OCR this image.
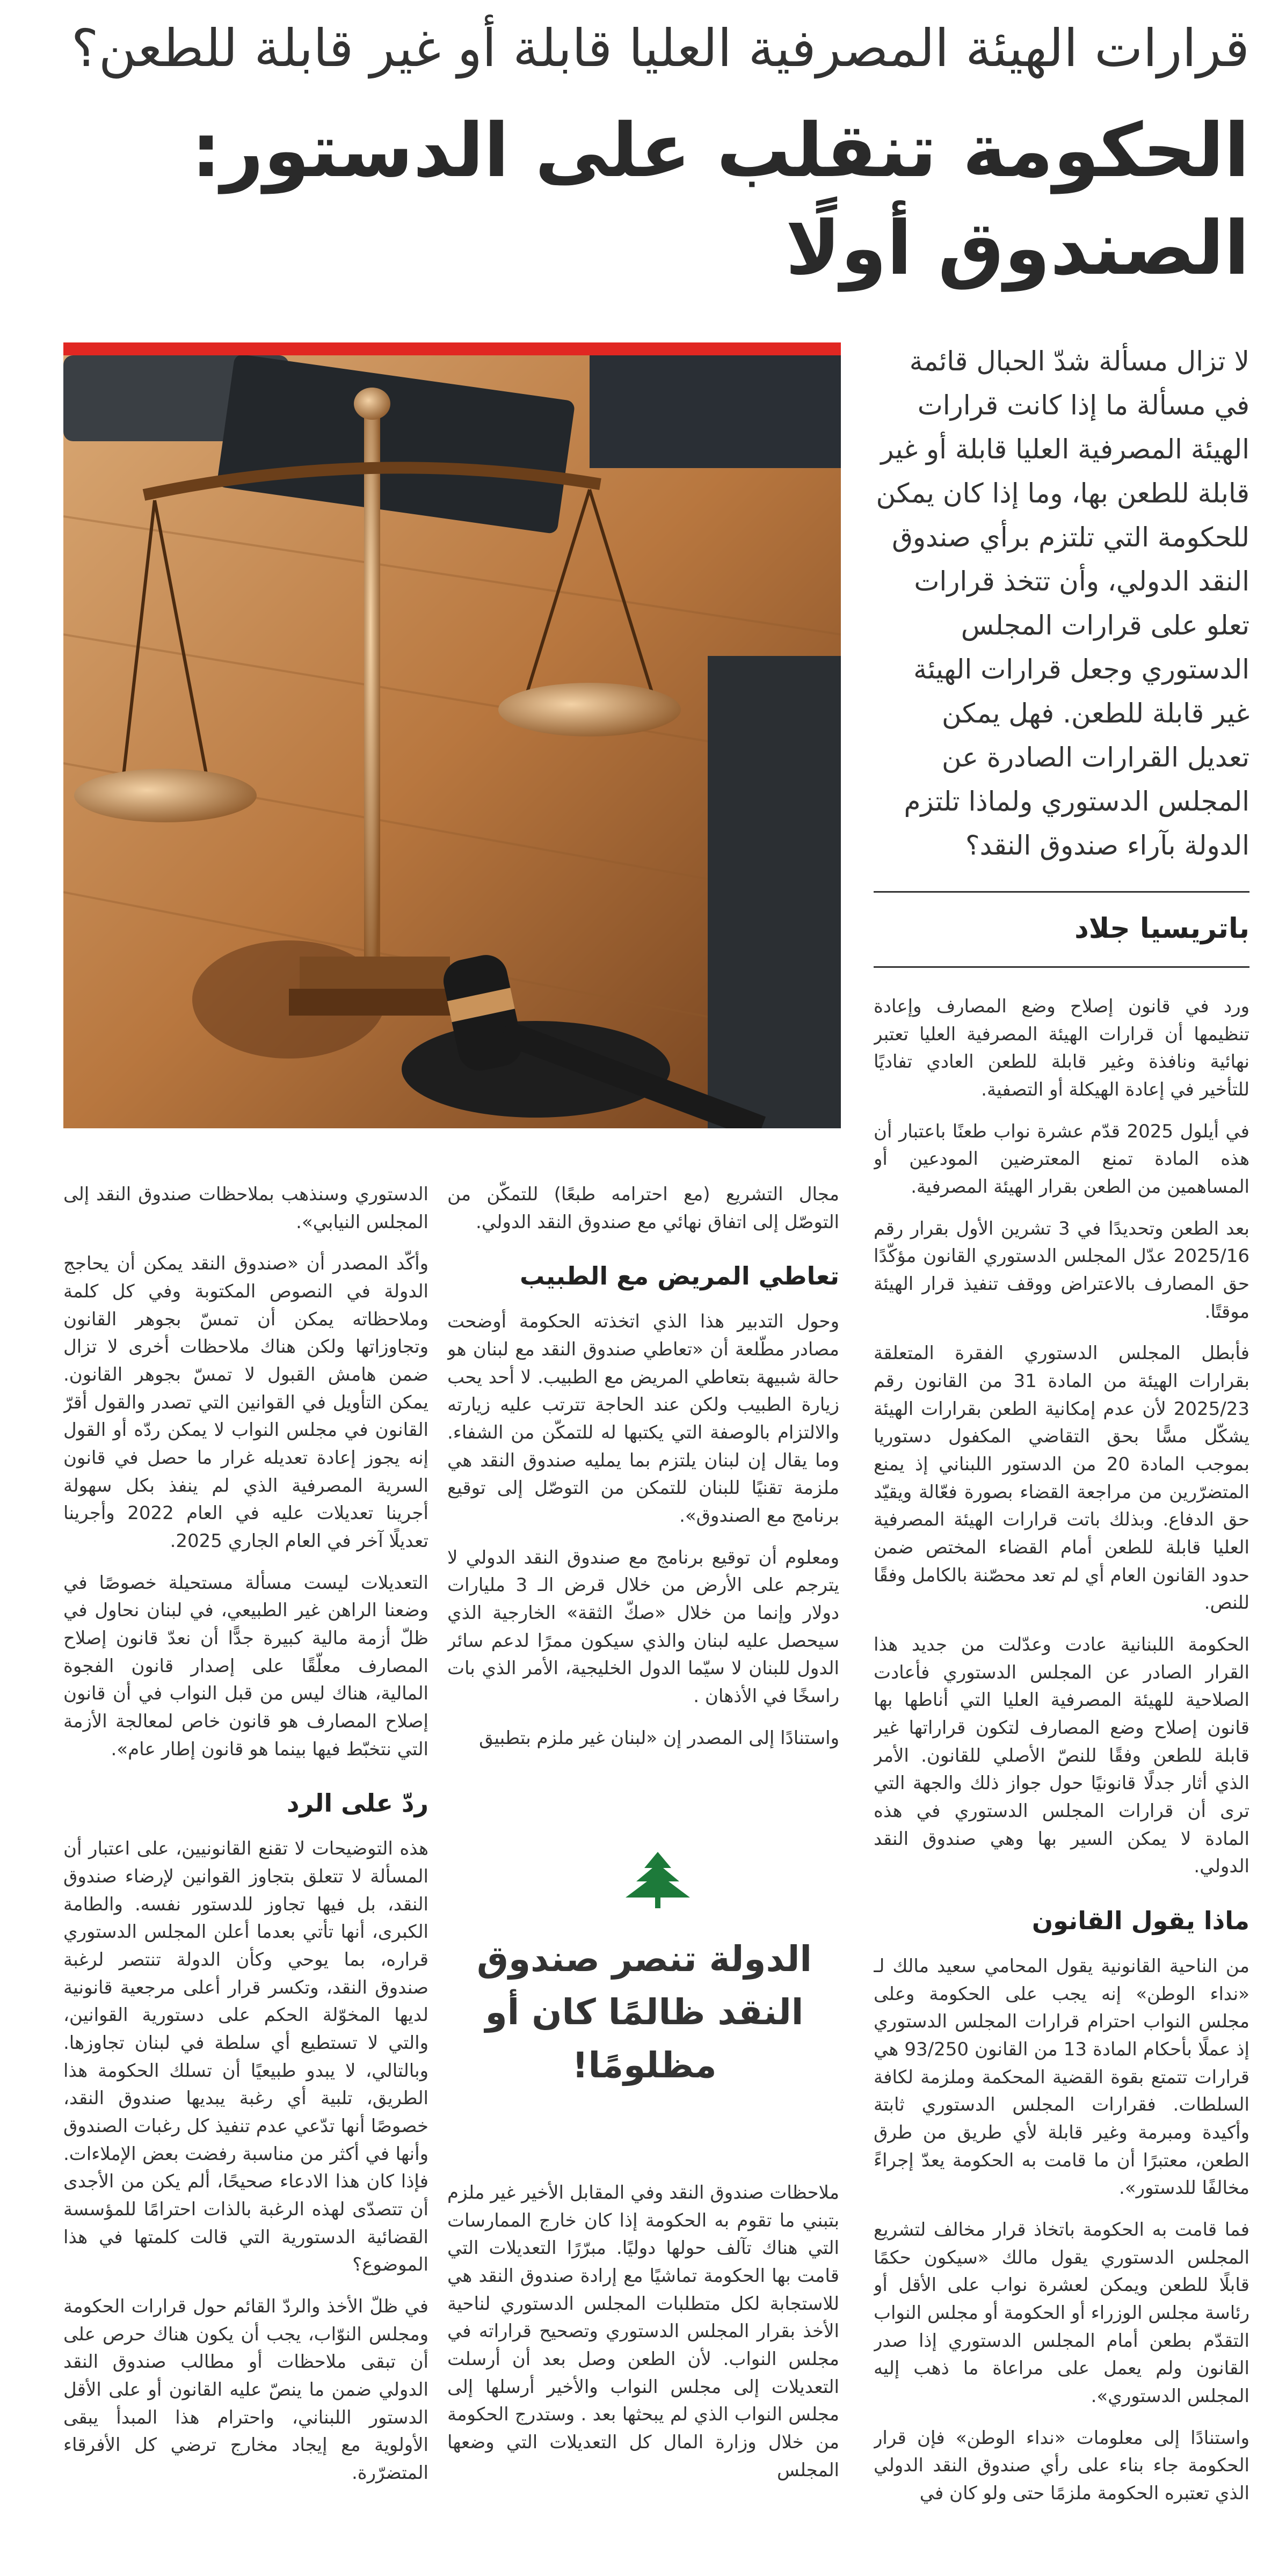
قرارات الهيئة المصرفية العليا قابلة أو غير قابلة للطعن؟
الحكومة تنقلب على الدستور:
الصندوق أولًا
لا تزال مسألة شدّ الحبال قائمة في مسألة ما إذا كانت قرارات الهيئة المصرفية العليا قابلة أو غير قابلة للطعن بها، وما إذا كان يمكن للحكومة التي تلتزم برأي صندوق النقد الدولي، وأن تتخذ قرارات تعلو على قرارات المجلس الدستوري وجعل قرارات الهيئة غير قابلة للطعن. فهل يمكن تعديل القرارات الصادرة عن المجلس الدستوري ولماذا تلتزم الدولة بآراء صندوق النقد؟
باتريسيا جلاد

ورد في قانون إصلاح وضع المصارف وإعادة تنظيمها أن قرارات الهيئة المصرفية العليا تعتبر نهائية ونافذة وغير قابلة للطعن العادي تفاديًا للتأخير في إعادة الهيكلة أو التصفية.

في أيلول 2025 قدّم عشرة نواب طعنًا باعتبار أن هذه المادة تمنع المعترضين المودعين أو المساهمين من الطعن بقرار الهيئة المصرفية.

بعد الطعن وتحديدًا في 3 تشرين الأول بقرار رقم 2025/16 عدّل المجلس الدستوري القانون مؤكّدًا حق المصارف بالاعتراض ووقف تنفيذ قرار الهيئة موقتًا.

فأبطل المجلس الدستوري الفقرة المتعلقة بقرارات الهيئة من المادة 31 من القانون رقم 2025/23 لأن عدم إمكانية الطعن بقرارات الهيئة يشكّل مسًّا بحق التقاضي المكفول دستوريا بموجب المادة 20 من الدستور اللبناني إذ يمنع المتضرّرين من مراجعة القضاء بصورة فعّالة ويقيّد حق الدفاع. وبذلك باتت قرارات الهيئة المصرفية العليا قابلة للطعن أمام القضاء المختص ضمن حدود القانون العام أي لم تعد محصّنة بالكامل وفقًا للنص.

الحكومة اللبنانية عادت وعدّلت من جديد هذا القرار الصادر عن المجلس الدستوري فأعادت الصلاحية للهيئة المصرفية العليا التي أناطها بها قانون إصلاح وضع المصارف لتكون قراراتها غير قابلة للطعن وفقًا للنصّ الأصلي للقانون. الأمر الذي أثار جدلًا قانونيًا حول جواز ذلك والجهة التي ترى أن قرارات المجلس الدستوري في هذه المادة لا يمكن السير بها وهي صندوق النقد الدولي.

ماذا يقول القانون

من الناحية القانونية يقول المحامي سعيد مالك لـ «نداء الوطن» إنه يجب على الحكومة وعلى مجلس النواب احترام قرارات المجلس الدستوري إذ عملًا بأحكام المادة 13 من القانون 93/250 هي قرارات تتمتع بقوة القضية المحكمة وملزمة لكافة السلطات. فقرارات المجلس الدستوري ثابتة وأكيدة ومبرمة وغير قابلة لأي طريق من طرق الطعن، معتبرًا أن ما قامت به الحكومة يعدّ إجراءً مخالفًا للدستور».

فما قامت به الحكومة باتخاذ قرار مخالف لتشريع المجلس الدستوري يقول مالك «سيكون حكمًا قابلًا للطعن ويمكن لعشرة نواب على الأقل أو رئاسة مجلس الوزراء أو الحكومة أو مجلس النواب التقدّم بطعن أمام المجلس الدستوري إذا صدر القانون ولم يعمل على مراعاة ما ذهب إليه المجلس الدستوري».

واستنادًا إلى معلومات «نداء الوطن» فإن قرار الحكومة جاء بناء على رأي صندوق النقد الدولي الذي تعتبره الحكومة ملزمًا حتى ولو كان في

مجال التشريع (مع احترامه طبعًا) للتمكّن من التوصّل إلى اتفاق نهائي مع صندوق النقد الدولي.

تعاطي المريض مع الطبيب

وحول التدبير هذا الذي اتخذته الحكومة أوضحت مصادر مطّلعة أن «تعاطي صندوق النقد مع لبنان هو حالة شبيهة بتعاطي المريض مع الطبيب. لا أحد يحب زيارة الطبيب ولكن عند الحاجة تترتب عليه زيارته والالتزام بالوصفة التي يكتبها له للتمكّن من الشفاء. وما يقال إن لبنان يلتزم بما يمليه صندوق النقد هي ملزمة تقنيًا للبنان للتمكن من التوصّل إلى توقيع برنامج مع الصندوق».

ومعلوم أن توقيع برنامج مع صندوق النقد الدولي لا يترجم على الأرض من خلال قرض الـ 3 مليارات دولار وإنما من خلال «صكّ الثقة» الخارجية الذي سيحصل عليه لبنان والذي سيكون ممرًا لدعم سائر الدول للبنان لا سيّما الدول الخليجية، الأمر الذي بات راسخًا في الأذهان .

واستنادًا إلى المصدر إن «لبنان غير ملزم بتطبيق

الدولة تنصر صندوق النقد ظالمًا كان أو مظلومًا!

ملاحظات صندوق النقد وفي المقابل الأخير غير ملزم بتبني ما تقوم به الحكومة إذا كان خارج الممارسات التي هناك تآلف حولها دوليًا. مبرّرًا التعديلات التي قامت بها الحكومة تماشيًا مع إرادة صندوق النقد هي للاستجابة لكل متطلبات المجلس الدستوري لناحية الأخذ بقرار المجلس الدستوري وتصحيح قراراته في مجلس النواب. لأن الطعن وصل بعد أن أرسلت التعديلات إلى مجلس النواب والأخير أرسلها إلى مجلس النواب الذي لم يبحثها بعد . وستدرج الحكومة من خلال وزارة المال كل التعديلات التي وضعها المجلس

الدستوري وسنذهب بملاحظات صندوق النقد إلى المجلس النيابي».

وأكّد المصدر أن «صندوق النقد يمكن أن يحاجج الدولة في النصوص المكتوبة وفي كل كلمة وملاحظاته يمكن أن تمسّ بجوهر القانون وتجاوزاتها ولكن هناك ملاحظات أخرى لا تزال ضمن هامش القبول لا تمسّ بجوهر القانون. يمكن التأويل في القوانين التي تصدر والقول أقرّ القانون في مجلس النواب لا يمكن ردّه أو القول إنه يجوز إعادة تعديله غرار ما حصل في قانون السرية المصرفية الذي لم ينفذ بكل سهولة أجرينا تعديلات عليه في العام 2022 وأجرينا تعديلًا آخر في العام الجاري 2025.

التعديلات ليست مسألة مستحيلة خصوصًا في وضعنا الراهن غير الطبيعي، في لبنان نحاول في ظلّ أزمة مالية كبيرة جدًّا أن نعدّ قانون إصلاح المصارف معلّقًا على إصدار قانون الفجوة المالية، هناك ليس من قبل النواب في أن قانون إصلاح المصارف هو قانون خاص لمعالجة الأزمة التي نتخبّط فيها بينما هو قانون إطار عام».

ردّ على الرد

هذه التوضيحات لا تقنع القانونيين، على اعتبار أن المسألة لا تتعلق بتجاوز القوانين لإرضاء صندوق النقد، بل فيها تجاوز للدستور نفسه. والطامة الكبرى، أنها تأتي بعدما أعلن المجلس الدستوري قراره، بما يوحي وكأن الدولة تنتصر لرغبة صندوق النقد، وتكسر قرار أعلى مرجعية قانونية لديها المخوّلة الحكم على دستورية القوانين، والتي لا تستطيع أي سلطة في لبنان تجاوزها. وبالتالي، لا يبدو طبيعيًا أن تسلك الحكومة هذا الطريق، تلبية أي رغبة يبديها صندوق النقد، خصوصًا أنها تدّعي عدم تنفيذ كل رغبات الصندوق وأنها في أكثر من مناسبة رفضت بعض الإملاءات. فإذا كان هذا الادعاء صحيحًا، ألم يكن من الأجدى أن تتصدّى لهذه الرغبة بالذات احترامًا للمؤسسة القضائية الدستورية التي قالت كلمتها في هذا الموضوع؟

في ظلّ الأخذ والردّ القائم حول قرارات الحكومة ومجلس النوّاب، يجب أن يكون هناك حرص على أن تبقى ملاحظات أو مطالب صندوق النقد الدولي ضمن ما ينصّ عليه القانون أو على الأقل الدستور اللبناني، واحترام هذا المبدأ يبقى الأولوية مع إيجاد مخارج ترضي كل الأفرقاء المتضرّرة.
